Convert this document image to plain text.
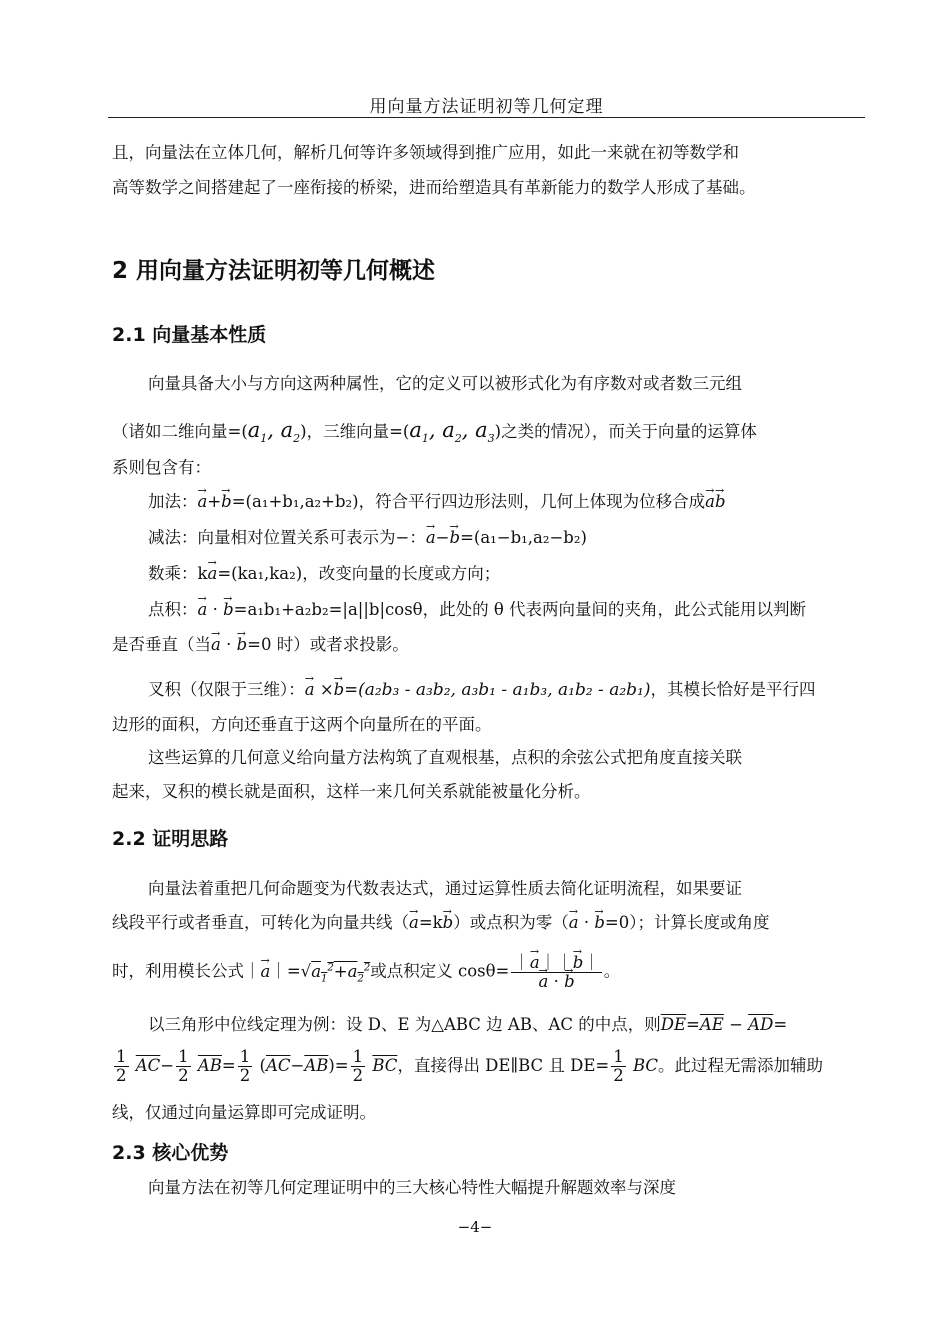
用向量方法证明初等几何定理

且，向量法在立体几何，解析几何等许多领域得到推广应用，如此一来就在初等数学和

高等数学之间搭建起了一座衔接的桥梁，进而给塑造具有革新能力的数学人形成了基础。

2 用向量方法证明初等几何概述
2.1 向量基本性质

向量具备大小与方向这两种属性，它的定义可以被形式化为有序数对或者数三元组

（诸如二维向量$=(a_1$, $a_2$)，三维向量$=(a_1$, $a_2$, $a_3$)之类的情况），而关于向量的运算体

系则包含有：

加法：→ a+→ b=(a₁+b₁,a₂+b₂)，符合平行四边形法则，几何上体现为位移合成→ a→ b

减法：向量相对位置关系可表示为−：→ a−→ b=(a₁−b₁,a₂−b₂)

数乘：k→ a=(ka₁,ka₂)，改变向量的长度或方向；

点积：→ a · → b=a₁b₁+a₂b₂=|a||b|cosθ，此处的 θ 代表两向量间的夹角，此公式能用以判断

是否垂直（当→ a · → b=0 时）或者求投影。

叉积（仅限于三维）：→ a ×→ b=(a₂b₃ - a₃b₂, a₃b₁ - a₁b₃, a₁b₂ - a₂b₁)，其模长恰好是平行四

边形的面积，方向还垂直于这两个向量所在的平面。

这些运算的几何意义给向量方法构筑了直观根基，点积的余弦公式把角度直接关联

起来，叉积的模长就是面积，这样一来几何关系就能被量化分析。

2.2 证明思路

向量法着重把几何命题变为代数表达式，通过运算性质去简化证明流程，如果要证

线段平行或者垂直，可转化为向量共线（→ a=k→ b）或点积为零（→ a · → b=0）；计算长度或角度

时，利用模长公式｜→ $a|=√a_1^2+a_2^2$或点积定义 cosθ= ｜→ a｜｜→ b｜
→ a · → b 。

以三角形中位线定理为例：设 D、E 为△ABC 边 AB、AC 的中点，则$\overline{DE}=\overline{AE} - \overline{AD}=$

$\frac{1}{2} \overline{AC}- \frac{1}{2} \overline{AB}= \frac{1}{2} (\overline{AC}-\overline{AB})= \frac{1}{2} \overline{BC}$，直接得出 DE∥BC 且 $DE= \frac{1}{2}$ BC。此过程无需添加辅助

线，仅通过向量运算即可完成证明。

2.3 核心优势

向量方法在初等几何定理证明中的三大核心特性大幅提升解题效率与深度

−4−
